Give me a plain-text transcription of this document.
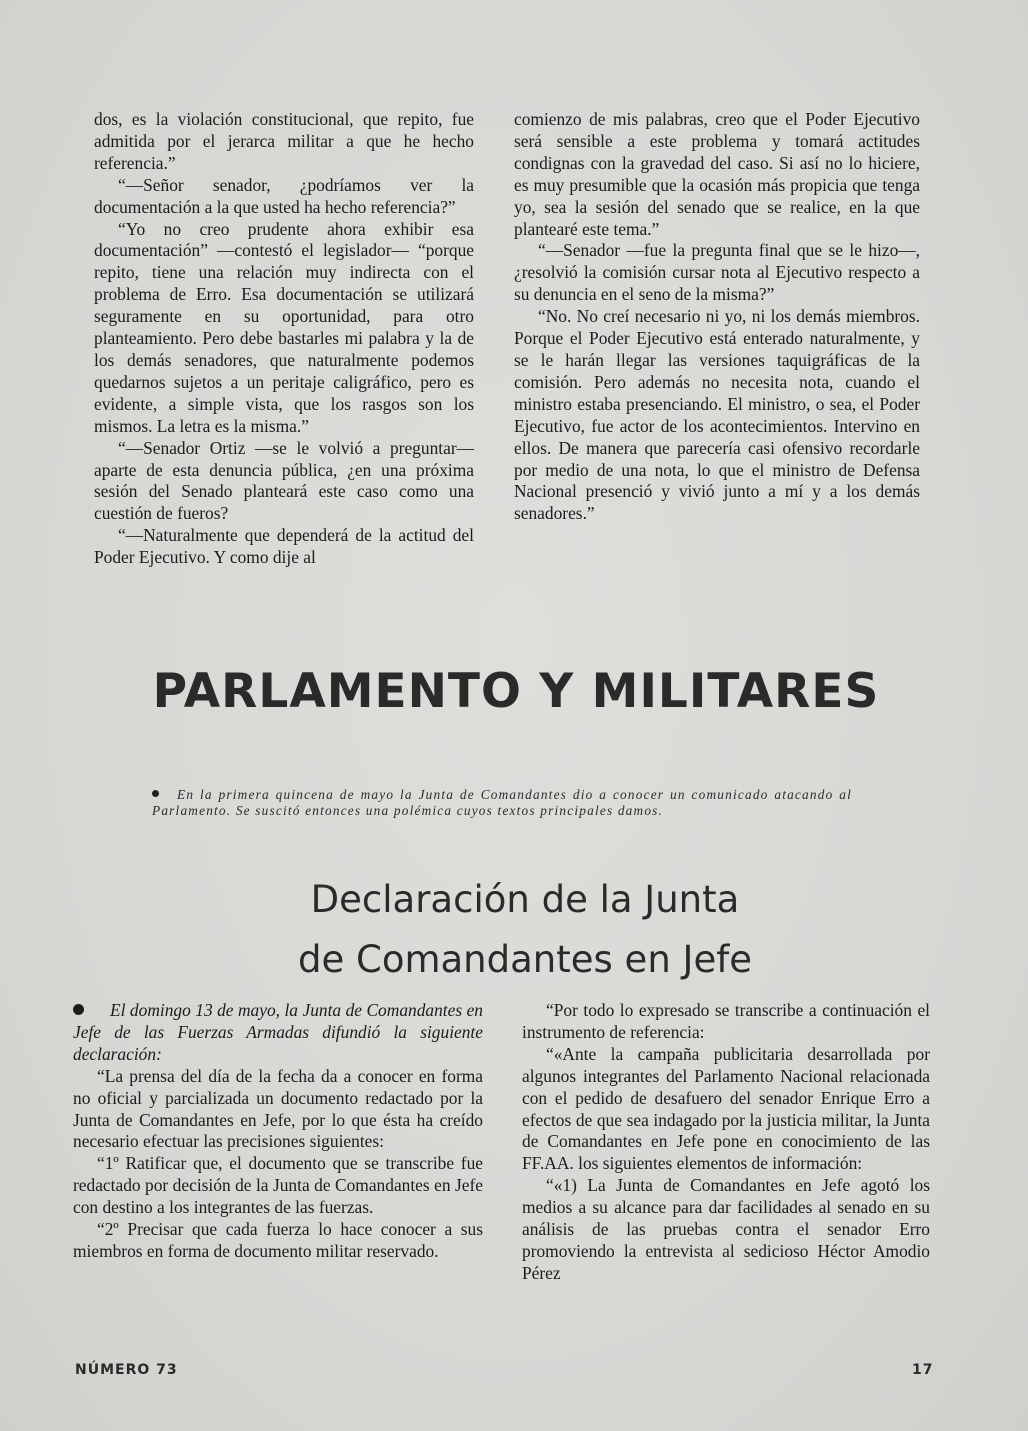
dos, es la violación constitucional, que repito, fue admitida por el jerarca militar a que he hecho referencia.”

“—Señor senador, ¿podríamos ver la documentación a la que usted ha hecho referencia?”

“Yo no creo prudente ahora exhibir esa documentación” —contestó el legislador— “porque repito, tiene una relación muy indirecta con el problema de Erro. Esa documentación se utilizará seguramente en su oportunidad, para otro planteamiento. Pero debe bastarles mi palabra y la de los demás senadores, que naturalmente podemos quedarnos sujetos a un peritaje caligráfico, pero es evidente, a simple vista, que los rasgos son los mismos. La letra es la misma.”

“—Senador Ortiz —se le volvió a preguntar— aparte de esta denuncia pública, ¿en una próxima sesión del Senado planteará este caso como una cuestión de fueros?

“—Naturalmente que dependerá de la actitud del Poder Ejecutivo. Y como dije al

comienzo de mis palabras, creo que el Poder Ejecutivo será sensible a este problema y tomará actitudes condignas con la gravedad del caso. Si así no lo hiciere, es muy presumible que la ocasión más propicia que tenga yo, sea la sesión del senado que se realice, en la que plantearé este tema.”

“—Senador —fue la pregunta final que se le hizo—, ¿resolvió la comisión cursar nota al Ejecutivo respecto a su denuncia en el seno de la misma?”

“No. No creí necesario ni yo, ni los demás miembros. Porque el Poder Ejecutivo está enterado naturalmente, y se le harán llegar las versiones taquigráficas de la comisión. Pero además no necesita nota, cuando el ministro estaba presenciando. El ministro, o sea, el Poder Ejecutivo, fue actor de los acontecimientos. Intervino en ellos. De manera que parecería casi ofensivo recordarle por medio de una nota, lo que el ministro de Defensa Nacional presenció y vivió junto a mí y a los demás senadores.”

PARLAMENTO Y MILITARES
En la primera quincena de mayo la Junta de Comandantes dio a conocer un comunicado atacando al Parlamento. Se suscitó entonces una polémica cuyos textos principales damos.
Declaración de la Junta
de Comandantes en Jefe

El domingo 13 de mayo, la Junta de Comandantes en Jefe de las Fuerzas Armadas difundió la siguiente declaración:

“La prensa del día de la fecha da a conocer en forma no oficial y parcializada un documento redactado por la Junta de Comandantes en Jefe, por lo que ésta ha creído necesario efectuar las precisiones siguientes:

“1º Ratificar que, el documento que se transcribe fue redactado por decisión de la Junta de Comandantes en Jefe con destino a los integrantes de las fuerzas.

“2º Precisar que cada fuerza lo hace conocer a sus miembros en forma de documento militar reservado.

“Por todo lo expresado se transcribe a continuación el instrumento de referencia:

“«Ante la campaña publicitaria desarrollada por algunos integrantes del Parlamento Nacional relacionada con el pedido de desafuero del senador Enrique Erro a efectos de que sea indagado por la justicia militar, la Junta de Comandantes en Jefe pone en conocimiento de las FF.AA. los siguientes elementos de información:

“«1) La Junta de Comandantes en Jefe agotó los medios a su alcance para dar facilidades al senado en su análisis de las pruebas contra el senador Erro promoviendo la entrevista al sedicioso Héctor Amodio Pérez

NÚMERO 73	17
